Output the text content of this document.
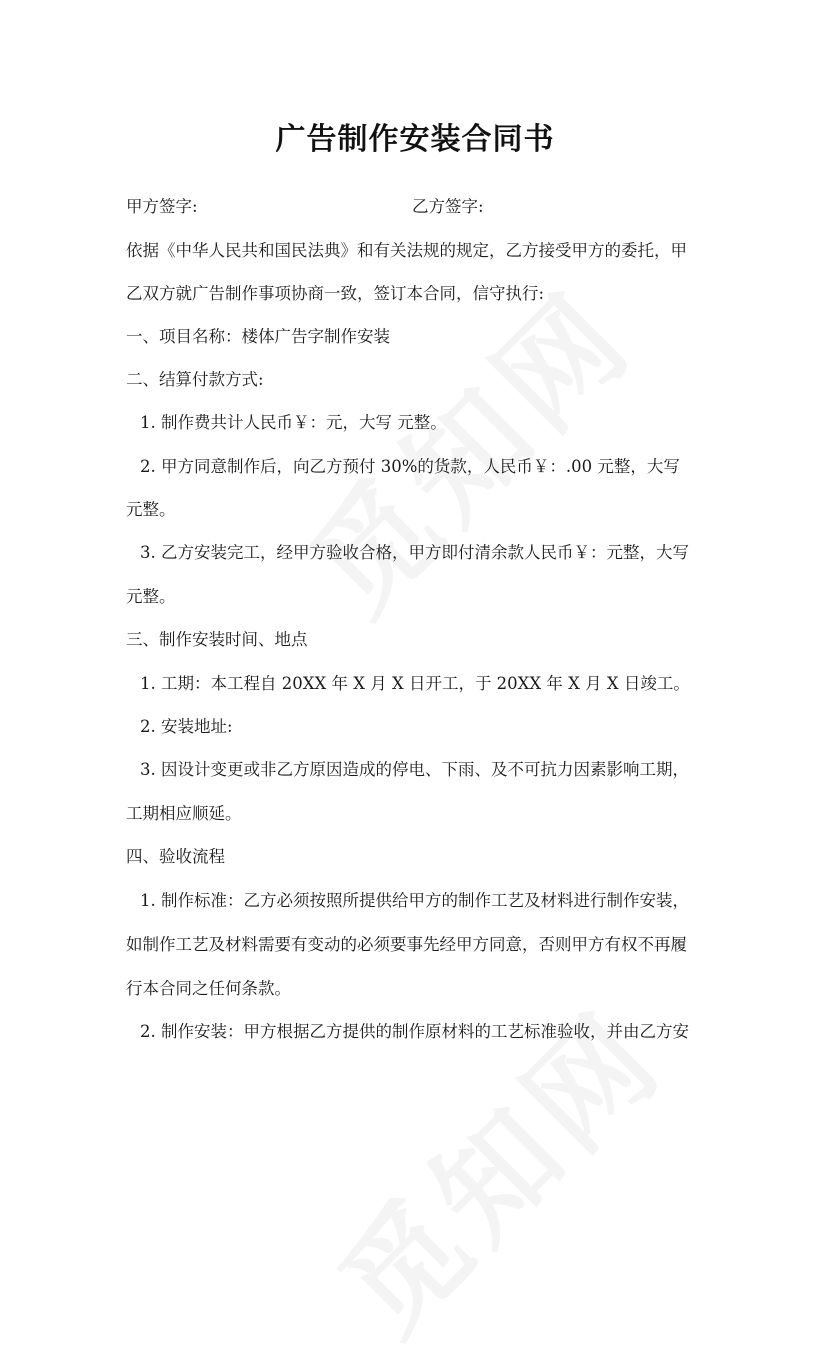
广告制作安装合同书
甲方签字:	乙方签字:
依据《中华人民共和国民法典》和有关法规的规定，乙方接受甲方的委托，甲
乙双方就广告制作事项协商一致，签订本合同，信守执行:
一、项目名称：楼体广告字制作安装
二、结算付款方式:
1. 制作费共计人民币￥：元，大写 元整。
2. 甲方同意制作后，向乙方预付 30%的货款，人民币￥：.00 元整，大写
元整。
3. 乙方安装完工，经甲方验收合格，甲方即付清余款人民币￥：元整，大写
元整。
三、制作安装时间、地点
1. 工期：本工程自 20XX 年 X 月 X 日开工，于 20XX 年 X 月 X 日竣工。
2. 安装地址:
3. 因设计变更或非乙方原因造成的停电、下雨、及不可抗力因素影响工期，
工期相应顺延。
四、验收流程
1. 制作标准：乙方必须按照所提供给甲方的制作工艺及材料进行制作安装，
如制作工艺及材料需要有变动的必须要事先经甲方同意，否则甲方有权不再履
行本合同之任何条款。
2. 制作安装：甲方根据乙方提供的制作原材料的工艺标准验收，并由乙方安
